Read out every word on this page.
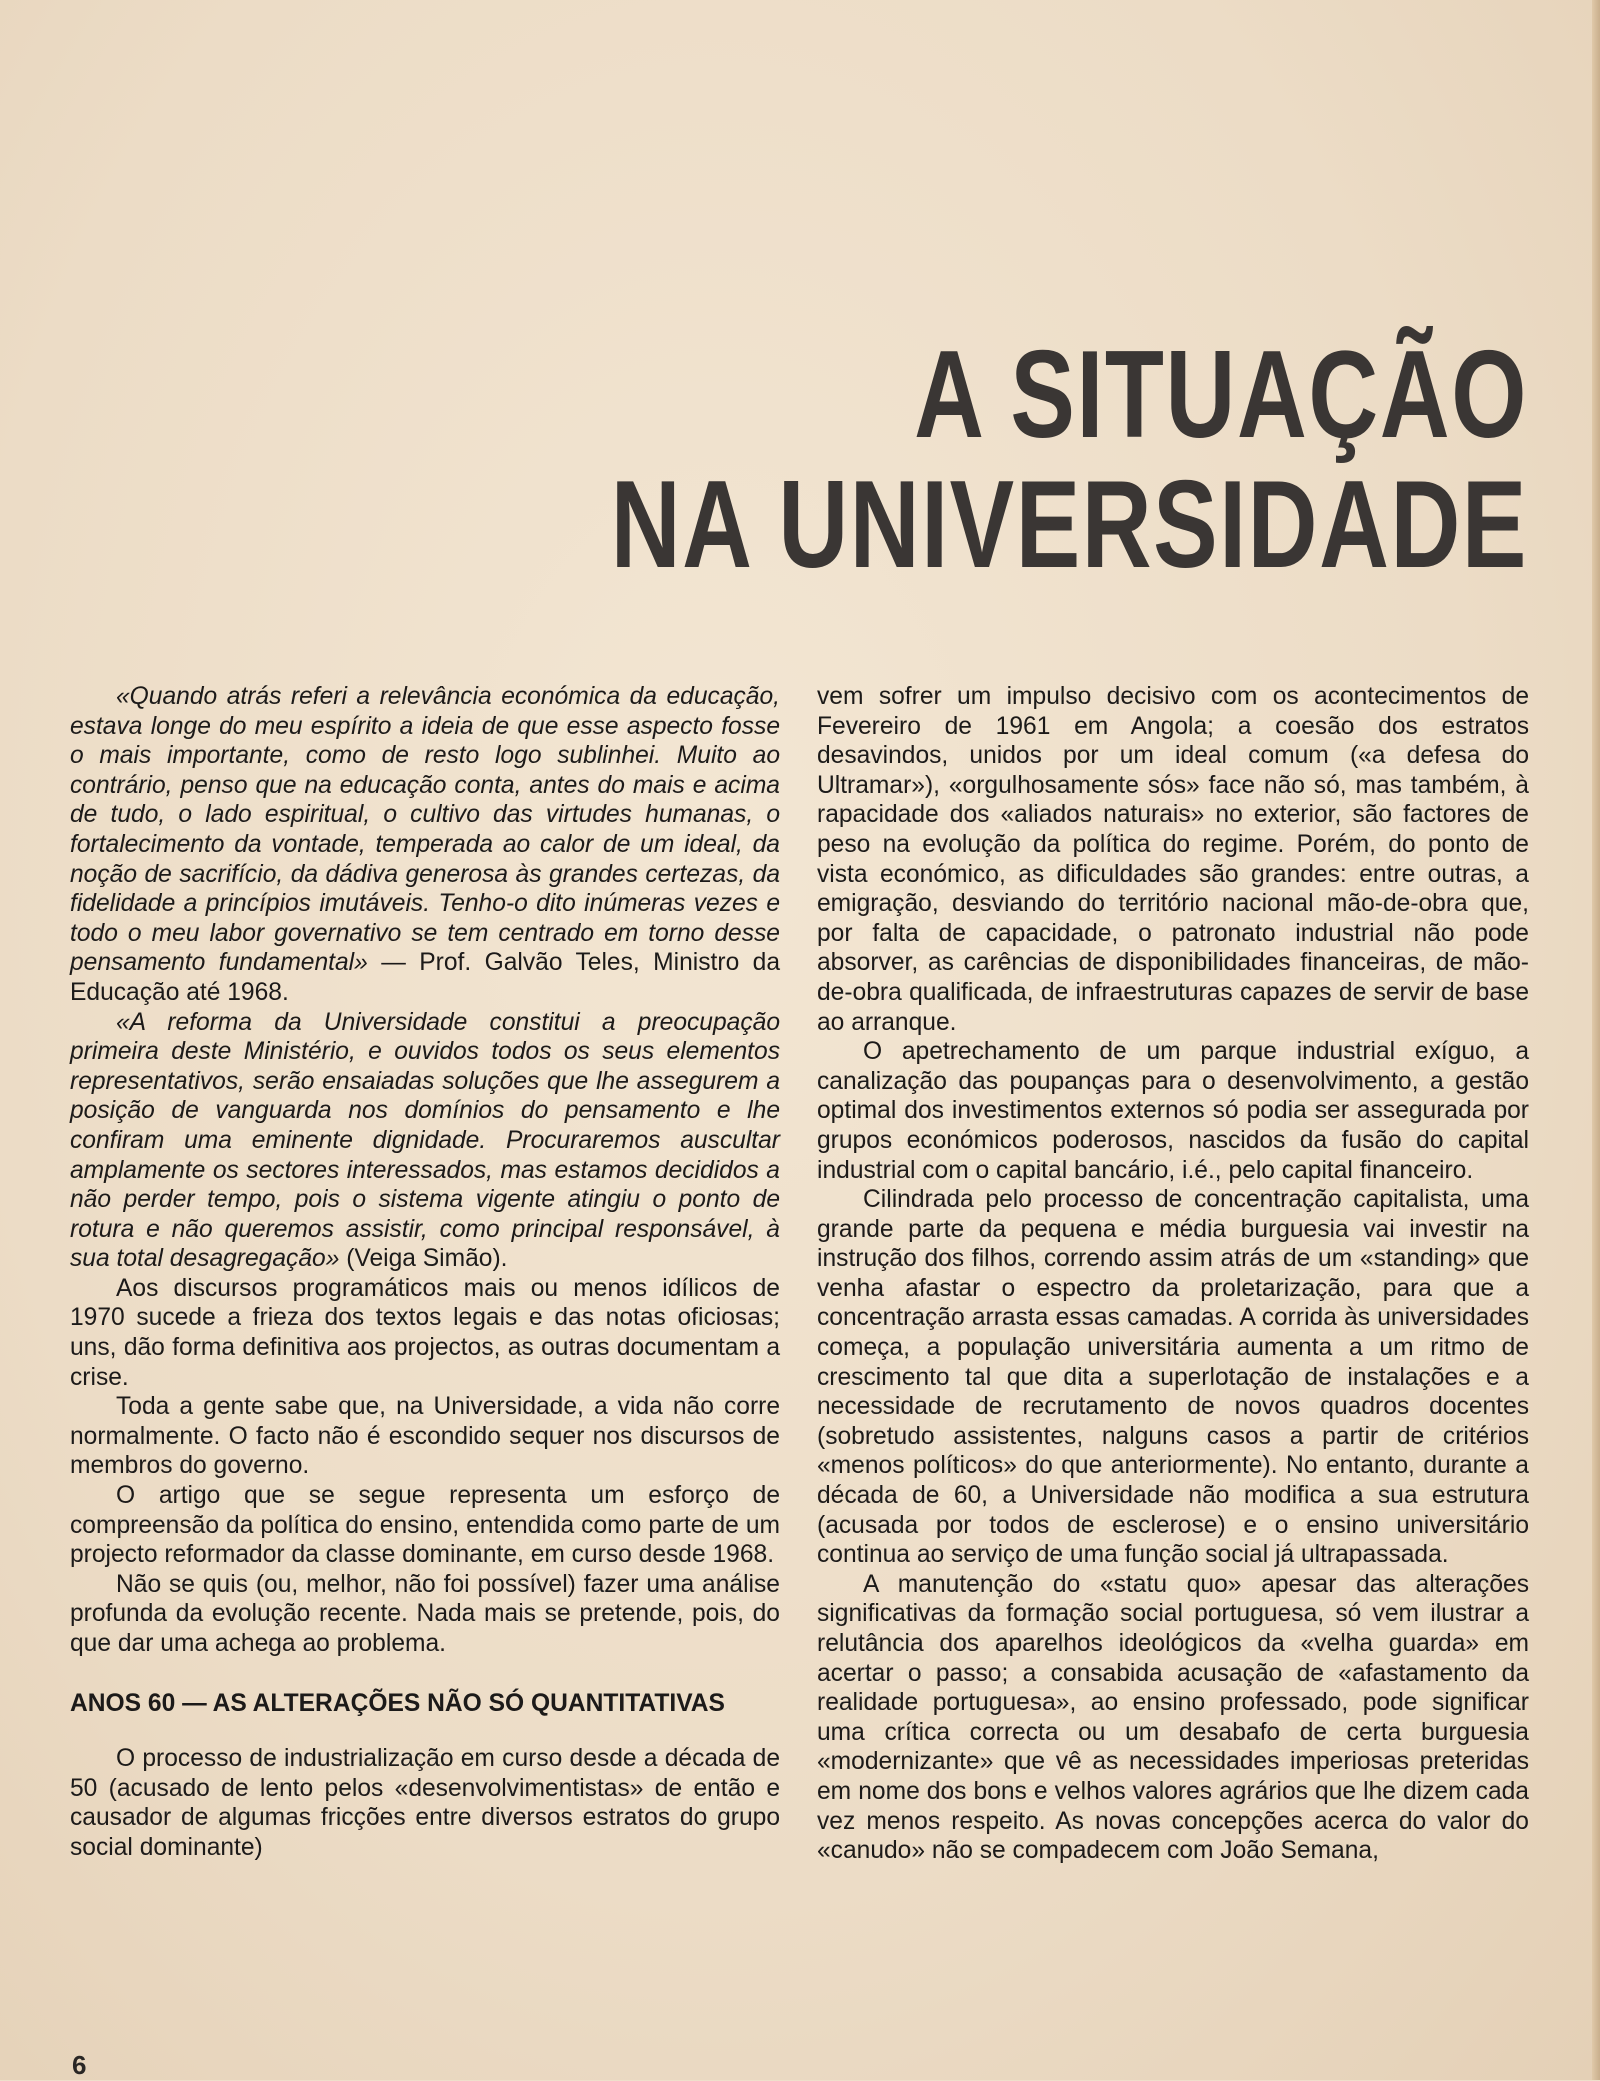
A SITUAÇÃO
NA UNIVERSIDADE

«Quando atrás referi a relevância económica da educação, estava longe do meu espírito a ideia de que esse aspecto fosse o mais importante, como de resto logo sublinhei. Muito ao contrário, penso que na educação conta, antes do mais e acima de tudo, o lado espiritual, o cultivo das virtudes humanas, o fortalecimento da vontade, temperada ao calor de um ideal, da noção de sacrifício, da dádiva generosa às grandes certezas, da fidelidade a princípios imutáveis. Tenho-o dito inúmeras vezes e todo o meu labor governativo se tem centrado em torno desse pensamento fundamental» — Prof. Galvão Teles, Ministro da Educação até 1968.

«A reforma da Universidade constitui a preocupação primeira deste Ministério, e ouvidos todos os seus elementos representativos, serão ensaiadas soluções que lhe assegurem a posição de vanguarda nos domínios do pensamento e lhe confiram uma eminente dignidade. Procuraremos auscultar amplamente os sectores interessados, mas estamos decididos a não perder tempo, pois o sistema vigente atingiu o ponto de rotura e não queremos assistir, como principal responsável, à sua total desagregação» (Veiga Simão).

Aos discursos programáticos mais ou menos idílicos de 1970 sucede a frieza dos textos legais e das notas oficiosas; uns, dão forma definitiva aos projectos, as outras documentam a crise.

Toda a gente sabe que, na Universidade, a vida não corre normalmente. O facto não é escondido sequer nos discursos de membros do governo.

O artigo que se segue representa um esforço de compreensão da política do ensino, entendida como parte de um projecto reformador da classe dominante, em curso desde 1968.

Não se quis (ou, melhor, não foi possível) fazer uma análise profunda da evolução recente. Nada mais se pretende, pois, do que dar uma achega ao problema.

ANOS 60 — AS ALTERAÇÕES NÃO SÓ QUANTITATIVAS

O processo de industrialização em curso desde a década de 50 (acusado de lento pelos «desenvolvimentistas» de então e causador de algumas fricções entre diversos estratos do grupo social dominante)

vem sofrer um impulso decisivo com os acontecimentos de Fevereiro de 1961 em Angola; a coesão dos estratos desavindos, unidos por um ideal comum («a defesa do Ultramar»), «orgulhosamente sós» face não só, mas também, à rapacidade dos «aliados naturais» no exterior, são factores de peso na evolução da política do regime. Porém, do ponto de vista económico, as dificuldades são grandes: entre outras, a emigração, desviando do território nacional mão-de-obra que, por falta de capacidade, o patronato industrial não pode absorver, as carências de disponibilidades financeiras, de mão-de-obra qualificada, de infraestruturas capazes de servir de base ao arranque.

O apetrechamento de um parque industrial exíguo, a canalização das poupanças para o desenvolvimento, a gestão optimal dos investimentos externos só podia ser assegurada por grupos económicos poderosos, nascidos da fusão do capital industrial com o capital bancário, i.é., pelo capital financeiro.

Cilindrada pelo processo de concentração capitalista, uma grande parte da pequena e média burguesia vai investir na instrução dos filhos, correndo assim atrás de um «standing» que venha afastar o espectro da proletarização, para que a concentração arrasta essas camadas. A corrida às universidades começa, a população universitária aumenta a um ritmo de crescimento tal que dita a superlotação de instalações e a necessidade de recrutamento de novos quadros docentes (sobretudo assistentes, nalguns casos a partir de critérios «menos políticos» do que anteriormente). No entanto, durante a década de 60, a Universidade não modifica a sua estrutura (acusada por todos de esclerose) e o ensino universitário continua ao serviço de uma função social já ultrapassada.

A manutenção do «statu quo» apesar das alterações significativas da formação social portuguesa, só vem ilustrar a relutância dos aparelhos ideológicos da «velha guarda» em acertar o passo; a consabida acusação de «afastamento da realidade portuguesa», ao ensino professado, pode significar uma crítica correcta ou um desabafo de certa burguesia «modernizante» que vê as necessidades imperiosas preteridas em nome dos bons e velhos valores agrários que lhe dizem cada vez menos respeito. As novas concepções acerca do valor do «canudo» não se compadecem com João Semana,

6
